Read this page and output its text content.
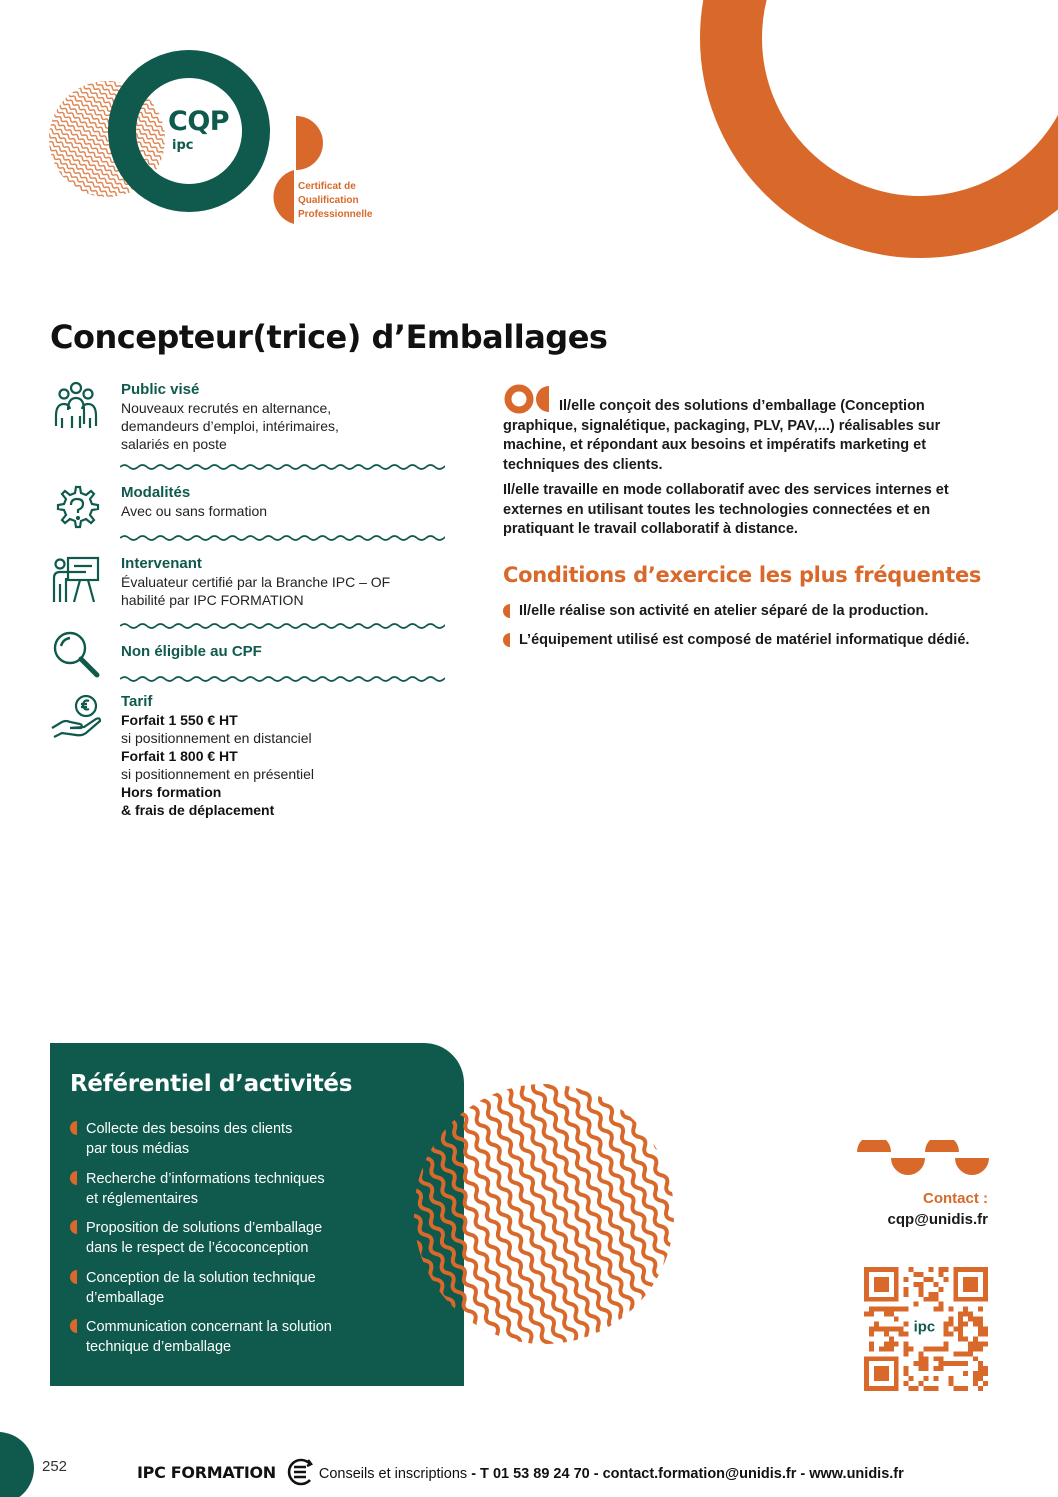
CQP
ipc
Certificat de
Qualification
Professionnelle
Concepteur(trice) d’Emballages
Public visé
Nouveaux recrutés en alternance,
demandeurs d’emploi, intérimaires,
salariés en poste
Modalités
Avec ou sans formation
Intervenant
Évaluateur certifié par la Branche IPC – OF
habilité par IPC FORMATION
Non éligible au CPF
Tarif
Forfait 1 550 € HT
si positionnement en distanciel
Forfait 1 800 € HT
si positionnement en présentiel
Hors formation
& frais de déplacement

Il/elle conçoit des solutions d’emballage (Conception graphique, signalétique, packaging, PLV, PAV,...) réalisables sur machine, et répondant aux besoins et impératifs marketing et techniques des clients.

Il/elle travaille en mode collaboratif avec des services internes et externes en utilisant toutes les technologies connectées et en pratiquant le travail collaboratif à distance.

Conditions d’exercice les plus fréquentes
Il/elle réalise son activité en atelier séparé de la production.
L’équipement utilisé est composé de matériel informatique dédié.
Référentiel d’activités
Collecte des besoins des clients
par tous médias
Recherche d’informations techniques
et réglementaires
Proposition de solutions d’emballage
dans le respect de l’écoconception
Conception de la solution technique
d’emballage
Communication concernant la solution
technique d’emballage
Contact :
cqp@unidis.fr
ipc
252	IPC FORMATION	Conseils et inscriptions - T 01 53 89 24 70 - contact.formation@unidis.fr - www.unidis.fr
